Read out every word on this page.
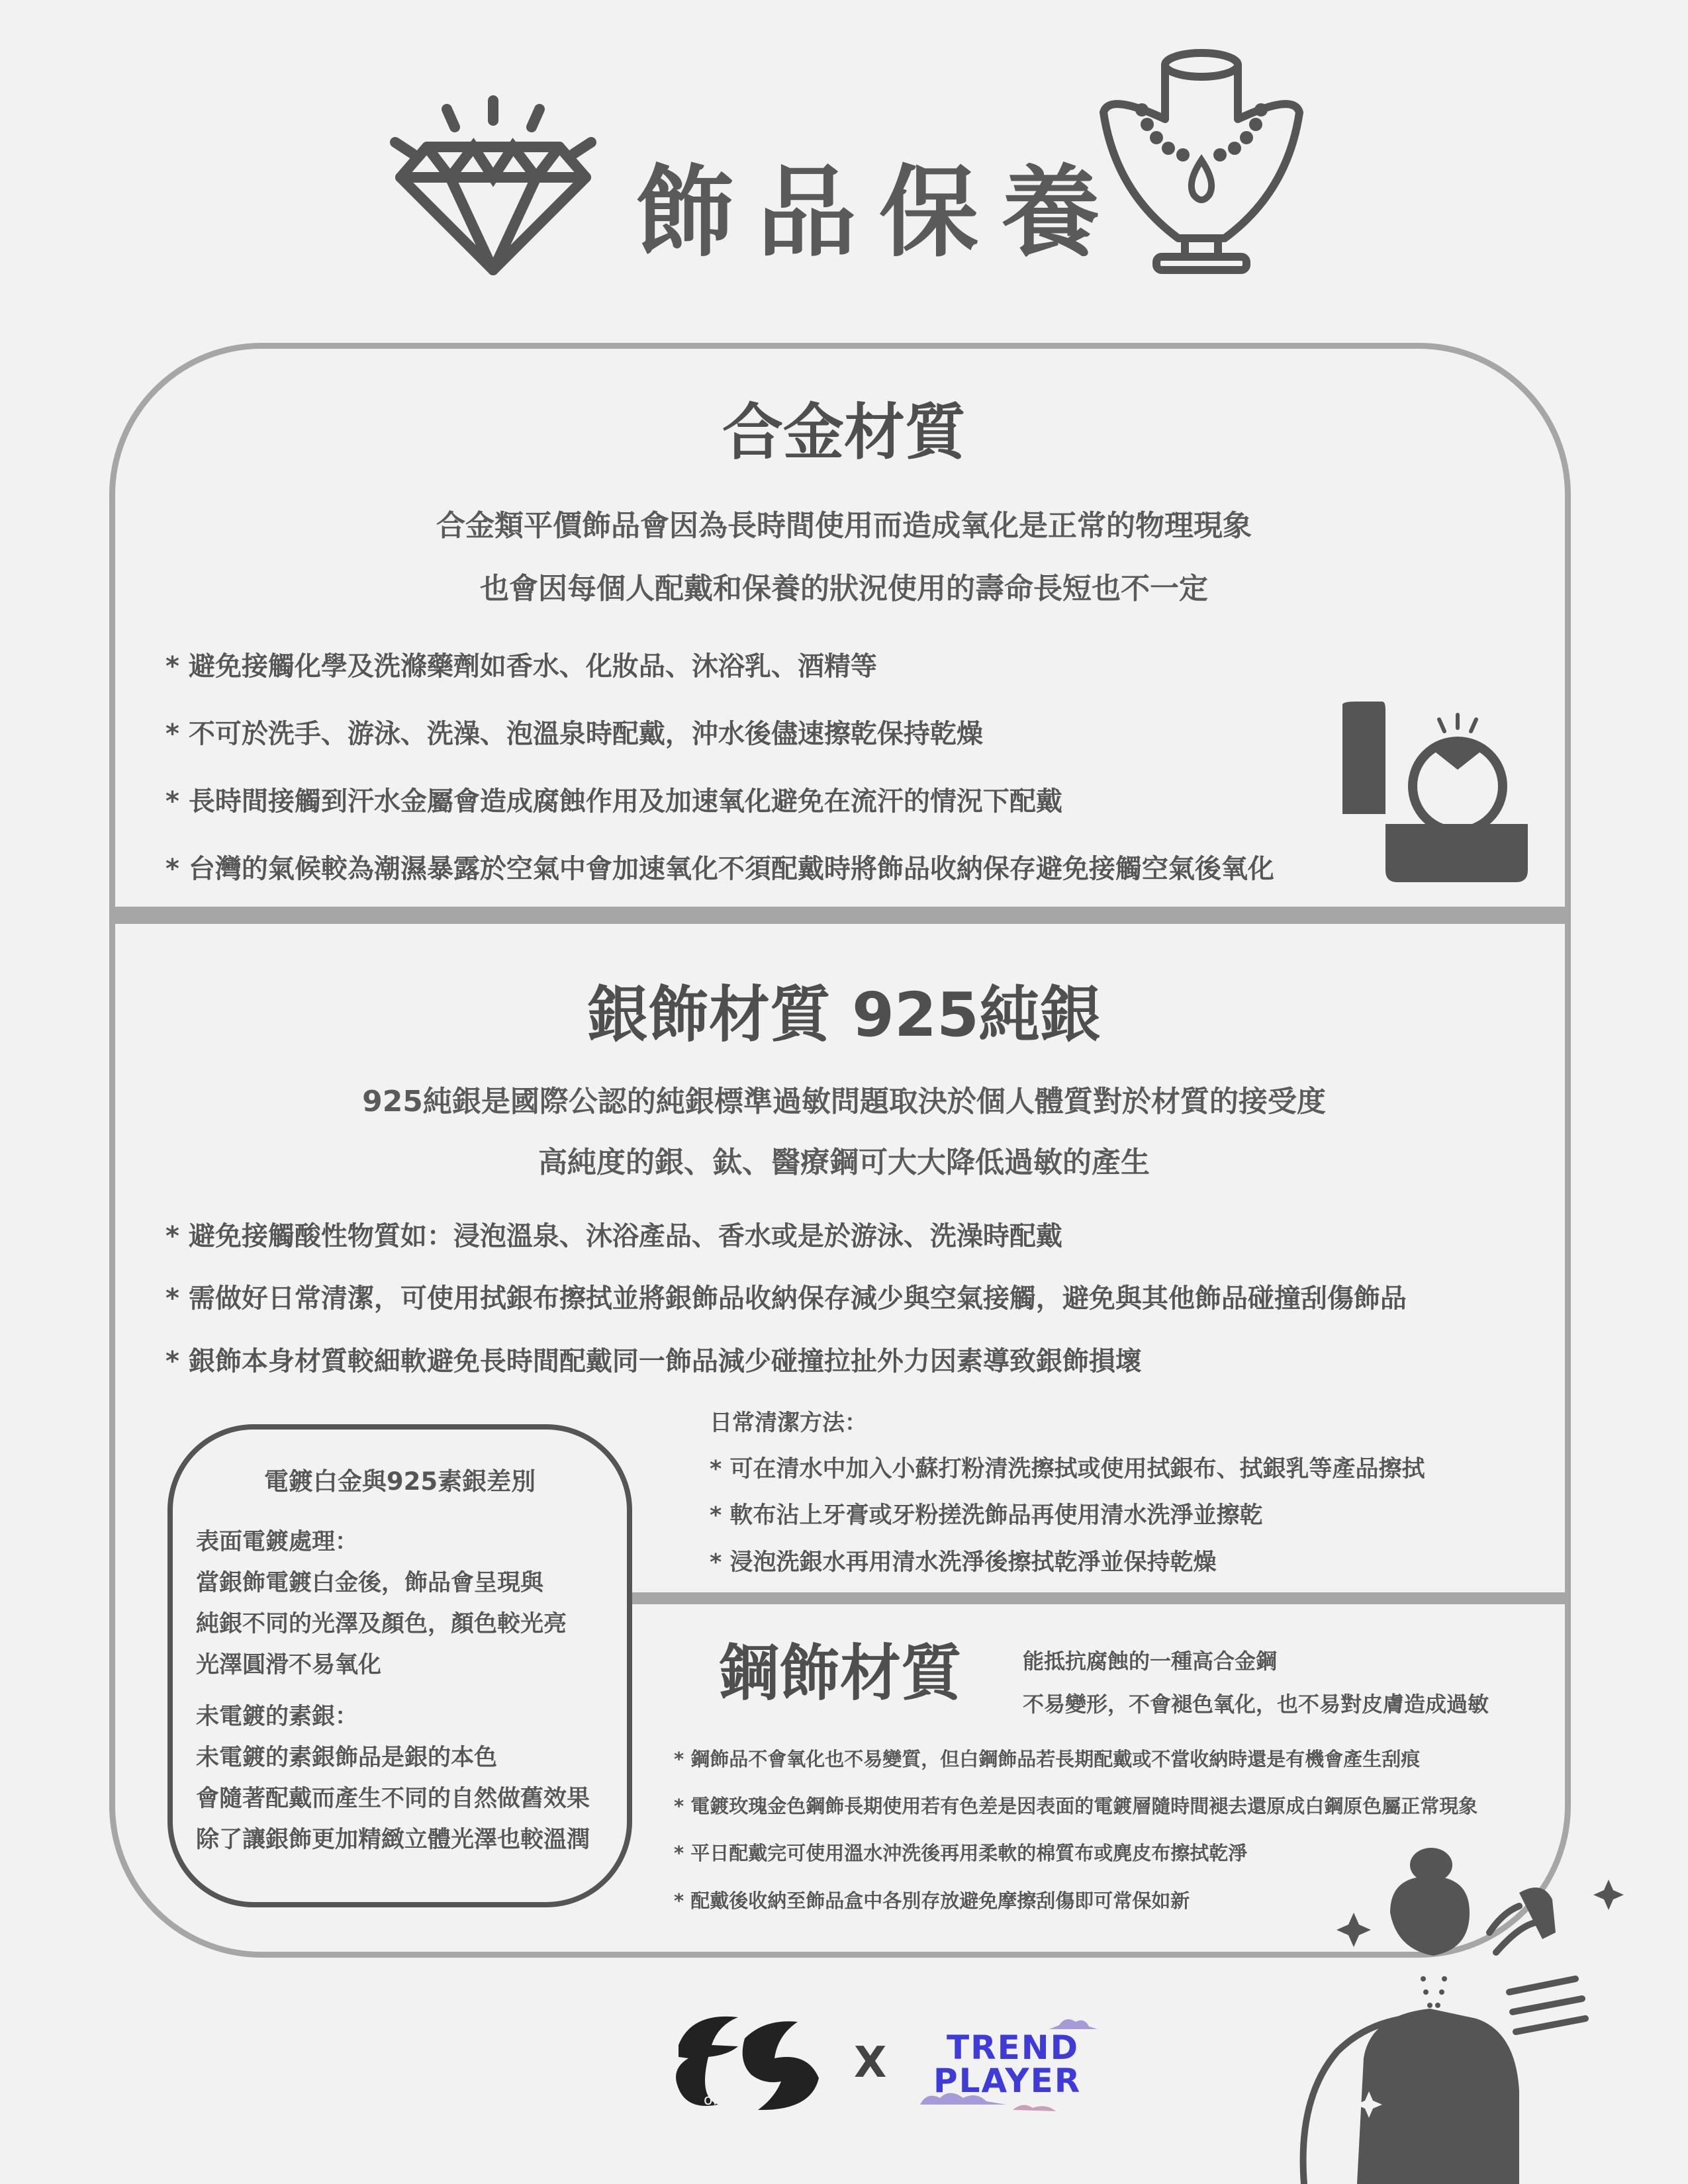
飾品保養
合金材質
合金類平價飾品會因為長時間使用而造成氧化是正常的物理現象
也會因每個人配戴和保養的狀況使用的壽命長短也不一定
* 避免接觸化學及洗滌藥劑如香水、化妝品、沐浴乳、酒精等
* 不可於洗手、游泳、洗澡、泡溫泉時配戴，沖水後儘速擦乾保持乾燥
* 長時間接觸到汗水金屬會造成腐蝕作用及加速氧化避免在流汗的情況下配戴
* 台灣的氣候較為潮濕暴露於空氣中會加速氧化不須配戴時將飾品收納保存避免接觸空氣後氧化
銀飾材質 925純銀
925純銀是國際公認的純銀標準過敏問題取決於個人體質對於材質的接受度
高純度的銀、鈦、醫療鋼可大大降低過敏的產生
* 避免接觸酸性物質如：浸泡溫泉、沐浴產品、香水或是於游泳、洗澡時配戴
* 需做好日常清潔，可使用拭銀布擦拭並將銀飾品收納保存減少與空氣接觸，避免與其他飾品碰撞刮傷飾品
* 銀飾本身材質較細軟避免長時間配戴同一飾品減少碰撞拉扯外力因素導致銀飾損壞
日常清潔方法：
* 可在清水中加入小蘇打粉清洗擦拭或使用拭銀布、拭銀乳等產品擦拭
* 軟布沾上牙膏或牙粉搓洗飾品再使用清水洗淨並擦乾
* 浸泡洗銀水再用清水洗淨後擦拭乾淨並保持乾燥
電鍍白金與925素銀差別
表面電鍍處理：
當銀飾電鍍白金後，飾品會呈現與
純銀不同的光澤及顏色，顏色較光亮
光澤圓滑不易氧化
未電鍍的素銀：
未電鍍的素銀飾品是銀的本色
會隨著配戴而產生不同的自然做舊效果
除了讓銀飾更加精緻立體光澤也較溫潤
鋼飾材質	能抵抗腐蝕的一種高合金鋼
不易變形，不會褪色氧化，也不易對皮膚造成過敏
* 鋼飾品不會氧化也不易變質，但白鋼飾品若長期配戴或不當收納時還是有機會產生刮痕
* 電鍍玫瑰金色鋼飾長期使用若有色差是因表面的電鍍層隨時間褪去還原成白鋼原色屬正常現象
* 平日配戴完可使用溫水沖洗後再用柔軟的棉質布或麂皮布擦拭乾淨
* 配戴後收納至飾品盒中各別存放避免摩擦刮傷即可常保如新
of
X TREND
PLAYER
